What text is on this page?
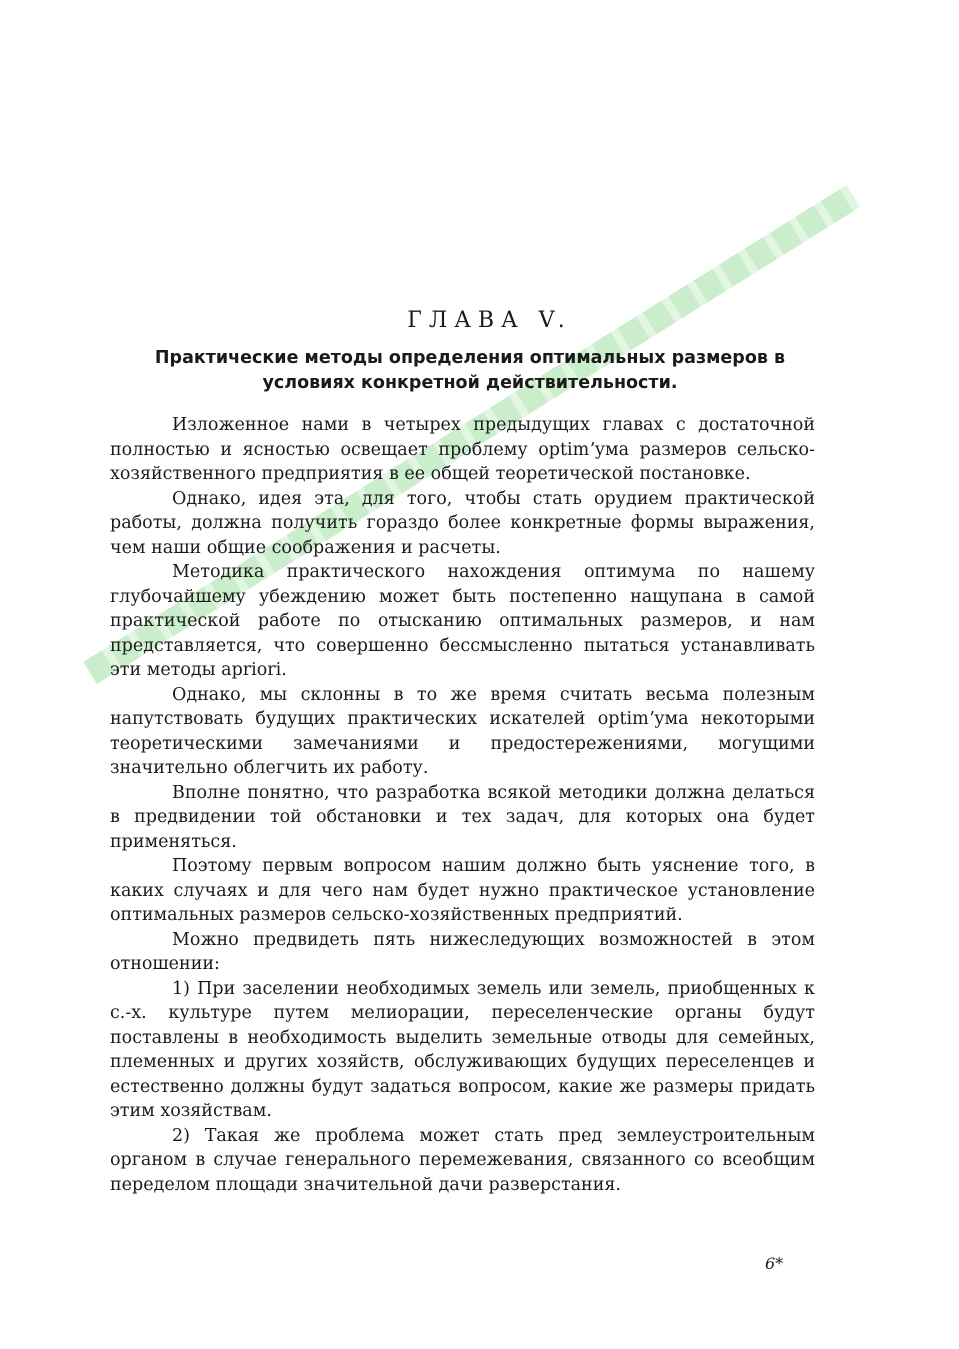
ГЛАВА V.
Практические методы определения оптимальных размеров в условиях конкретной действительности.

Изложенное нами в четырех предыдущих главах с достаточной полностью и ясностью освещает проблему optimʼума размеров сельско-хозяйственного предприятия в ее общей теоретической постановке.

Однако, идея эта, для того, чтобы стать орудием практической работы, должна получить гораздо более конкретные формы выражения, чем наши общие соображения и расчеты.

Методика практического нахождения оптимума по нашему глубочайшему убеждению может быть постепенно нащупана в самой практической работе по отысканию оптимальных размеров, и нам представляется, что совершенно бессмысленно пытаться устанавливать эти методы apriori.

Однако, мы склонны в то же время считать весьма полезным напутствовать будущих практических искателей optimʼума некоторыми теоретическими замечаниями и предостережениями, могущими значительно облегчить их работу.

Вполне понятно, что разработка всякой методики должна делаться в предвидении той обстановки и тех задач, для которых она будет применяться.

Поэтому первым вопросом нашим должно быть уяснение того, в каких случаях и для чего нам будет нужно практическое установление оптимальных размеров сельско-хозяйственных предприятий.

Можно предвидеть пять нижеследующих возможностей в этом отношении:

1) При заселении необходимых земель или земель, приобщенных к с.-х. культуре путем мелиорации, переселенческие органы будут поставлены в необходимость выделить земельные отводы для семейных, племенных и других хозяйств, обслуживающих будущих переселенцев и естественно должны будут задаться вопросом, какие же размеры придать этим хозяйствам.

2) Такая же проблема может стать пред землеустроительным органом в случае генерального перемежевания, связанного со всеобщим переделом площади значительной дачи разверстания.

6*
